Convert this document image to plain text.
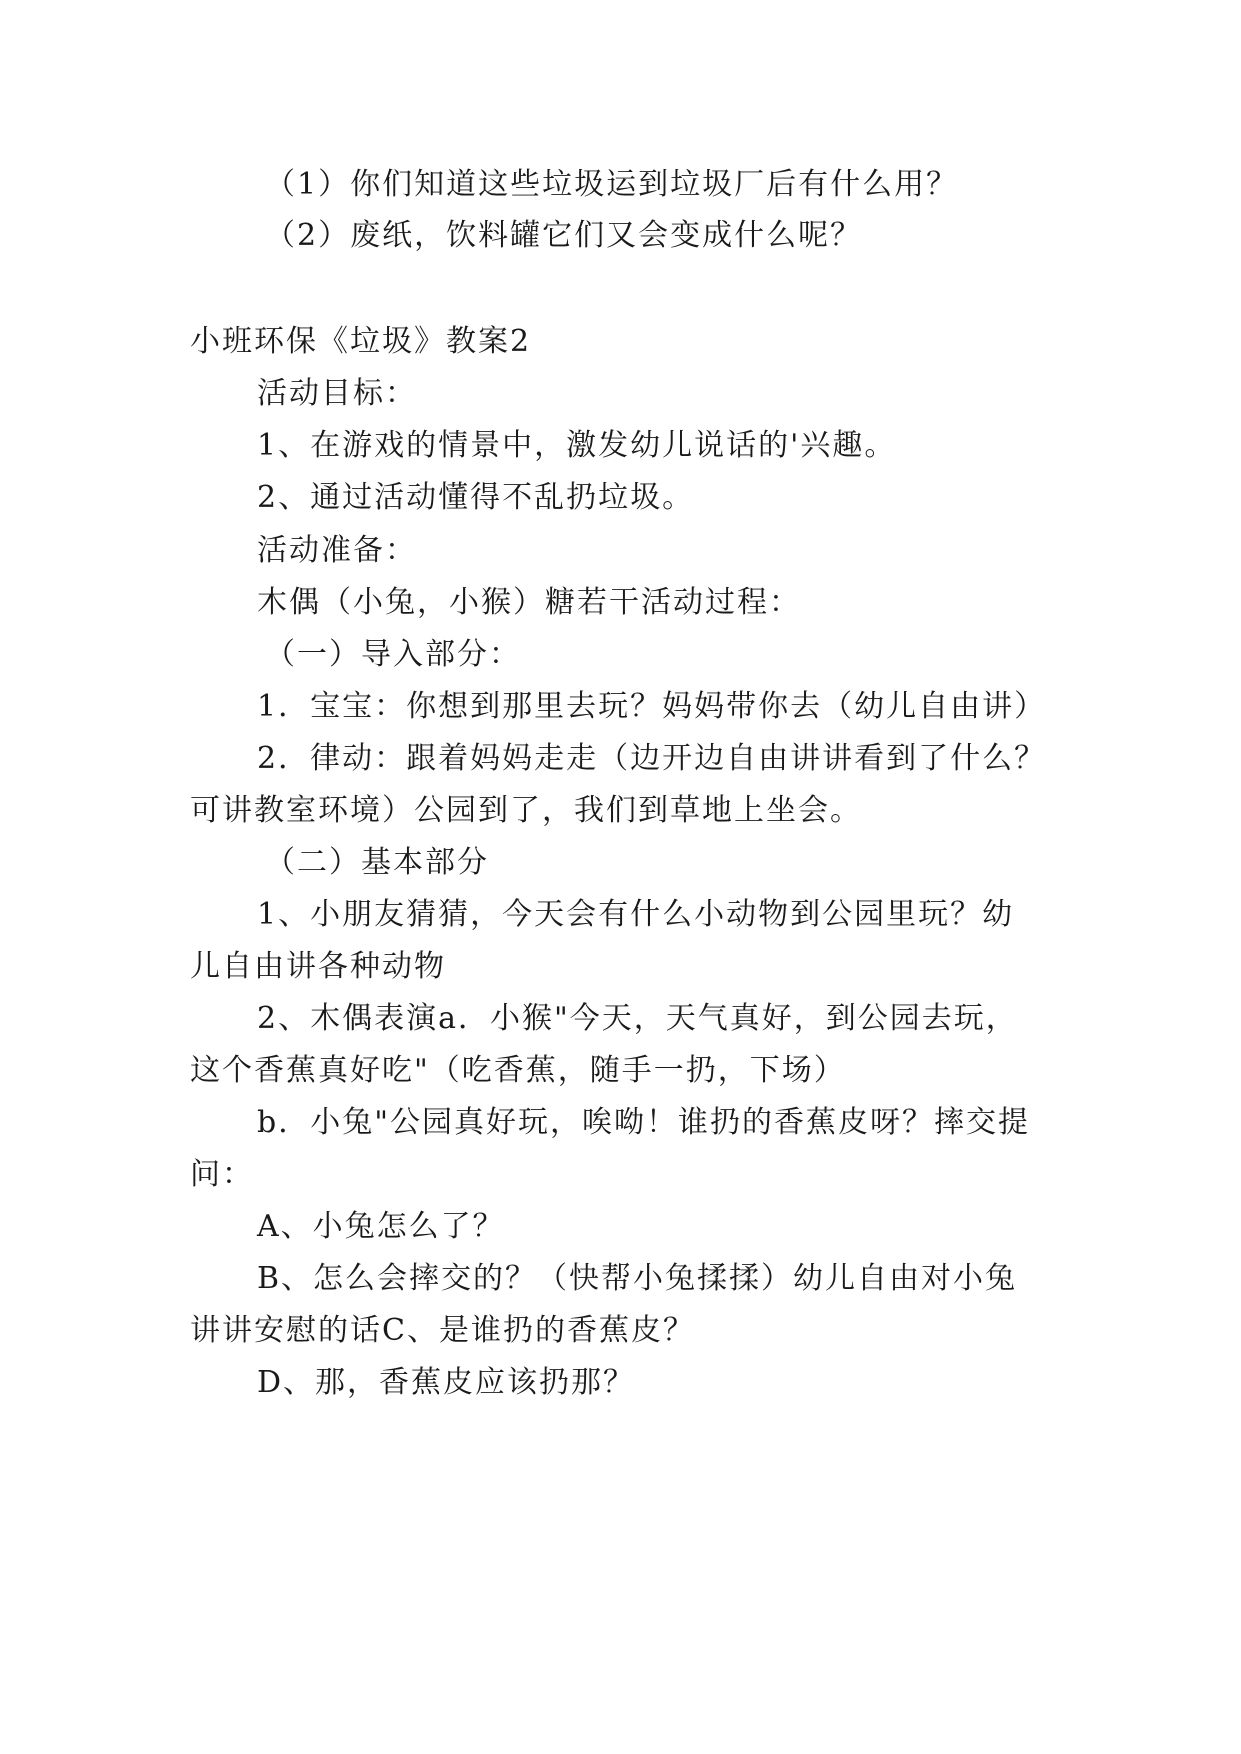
（1）你们知道这些垃圾运到垃圾厂后有什么用？
（2）废纸，饮料罐它们又会变成什么呢？
小班环保《垃圾》教案2
活动目标：
1、在游戏的情景中，激发幼儿说话的'兴趣。
2、通过活动懂得不乱扔垃圾。
活动准备：
木偶（小兔，小猴）糖若干活动过程：
（一）导入部分：
1．宝宝：你想到那里去玩？妈妈带你去（幼儿自由讲）
2．律动：跟着妈妈走走（边开边自由讲讲看到了什么？
可讲教室环境）公园到了，我们到草地上坐会。
（二）基本部分
1、小朋友猜猜，今天会有什么小动物到公园里玩？幼
儿自由讲各种动物
2、木偶表演a．小猴"今天，天气真好，到公园去玩，
这个香蕉真好吃"（吃香蕉，随手一扔，下场）
b．小兔"公园真好玩，唉呦！谁扔的香蕉皮呀？摔交提
问：
A、小兔怎么了？
B、怎么会摔交的？（快帮小兔揉揉）幼儿自由对小兔
讲讲安慰的话C、是谁扔的香蕉皮？
D、那，香蕉皮应该扔那？
